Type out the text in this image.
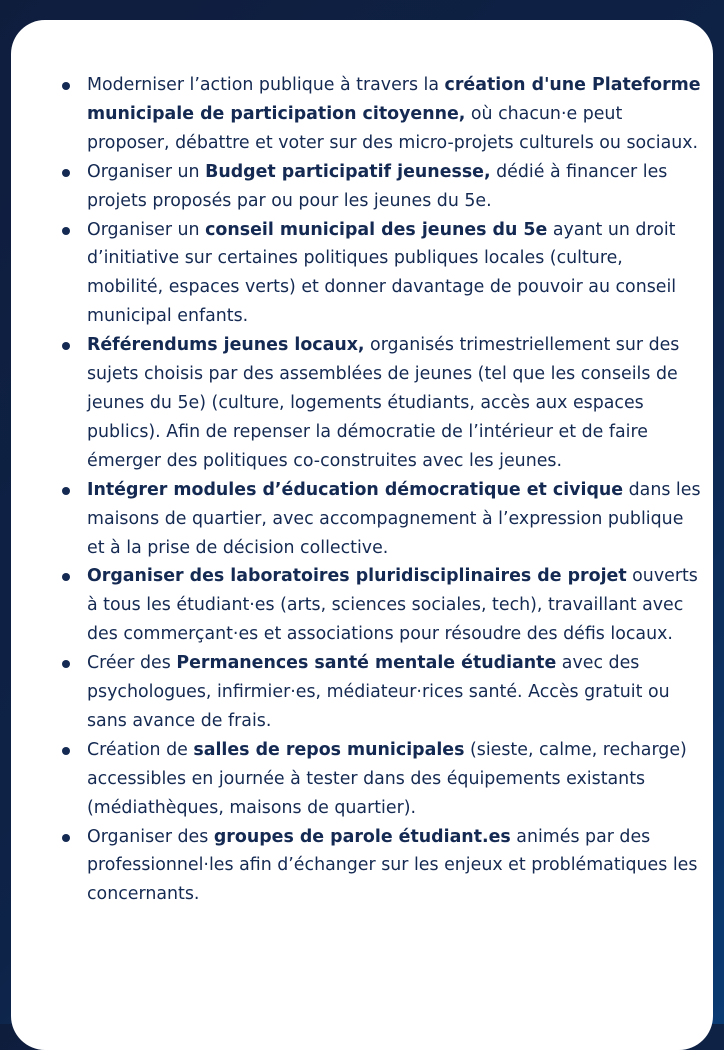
Moderniser l’action publique à travers la création d'une Plateforme municipale de participation citoyenne, où chacun·e peut proposer, débattre et voter sur des micro-projets culturels ou sociaux.
Organiser un Budget participatif jeunesse, dédié à financer les projets proposés par ou pour les jeunes du 5e.
Organiser un conseil municipal des jeunes du 5e ayant un droit d’initiative sur certaines politiques publiques locales (culture, mobilité, espaces verts) et donner davantage de pouvoir au conseil municipal enfants.
Référendums jeunes locaux, organisés trimestriellement sur des sujets choisis par des assemblées de jeunes (tel que les conseils de jeunes du 5e) (culture, logements étudiants, accès aux espaces publics). Afin de repenser la démocratie de l’intérieur et de faire émerger des politiques co-construites avec les jeunes.
Intégrer modules d’éducation démocratique et civique dans les maisons de quartier, avec accompagnement à l’expression publique et à la prise de décision collective.
Organiser des laboratoires pluridisciplinaires de projet ouverts à tous les étudiant·es (arts, sciences sociales, tech), travaillant avec des commerçant·es et associations pour résoudre des défis locaux.
Créer des Permanences santé mentale étudiante avec des psychologues, infirmier·es, médiateur·rices santé. Accès gratuit ou sans avance de frais.
Création de salles de repos municipales (sieste, calme, recharge) accessibles en journée à tester dans des équipements existants (médiathèques, maisons de quartier).
Organiser des groupes de parole étudiant.es animés par des professionnel·les afin d’échanger sur les enjeux et problématiques les concernants.
